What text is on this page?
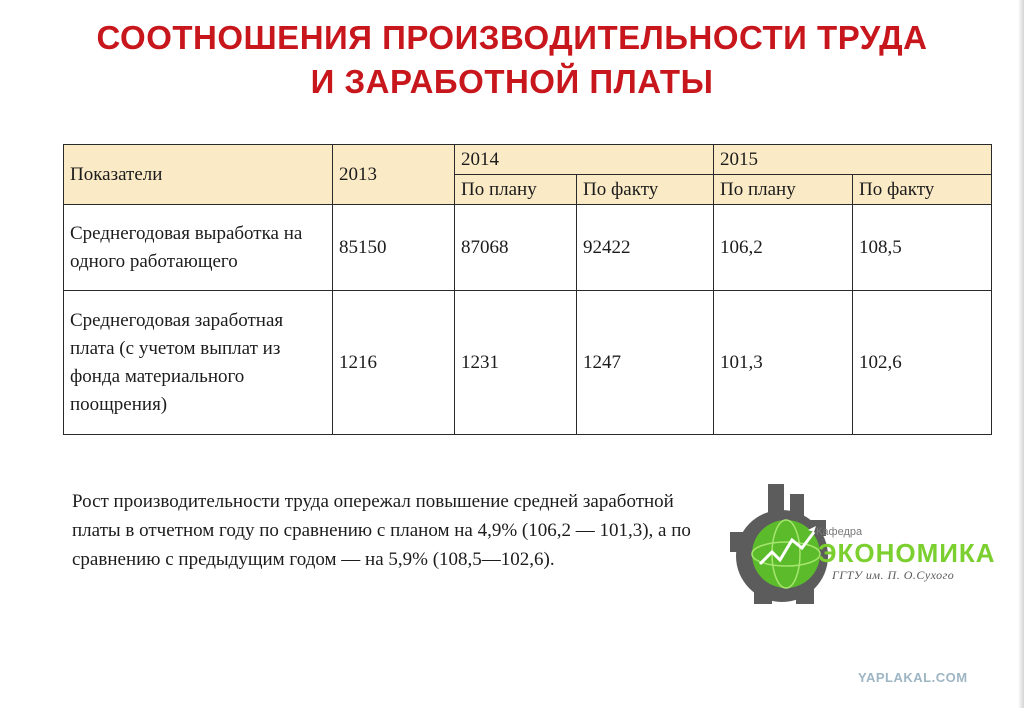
СООТНОШЕНИЯ ПРОИЗВОДИТЕЛЬНОСТИ ТРУДА
И ЗАРАБОТНОЙ ПЛАТЫ
Показатели	2013	2014		2015	
		По плану	По факту	По плану	По факту
Среднегодовая выработка на одного работающего	85150	87068	92422	106,2	108,5
Среднегодовая заработная плата (с учетом выплат из фонда материального поощрения)	1216	1231	1247	101,3	102,6

Рост производительности труда опережал повышение средней заработной платы в отчетном году по сравнению с планом на 4,9% (106,2 — 101,3), а по сравнению с предыдущим годом — на 5,9% (108,5—102,6).

Кафедра
ЭКОНОМИКА
ГГТУ им. П. О.Сухого
YAPLAKAL.COM
